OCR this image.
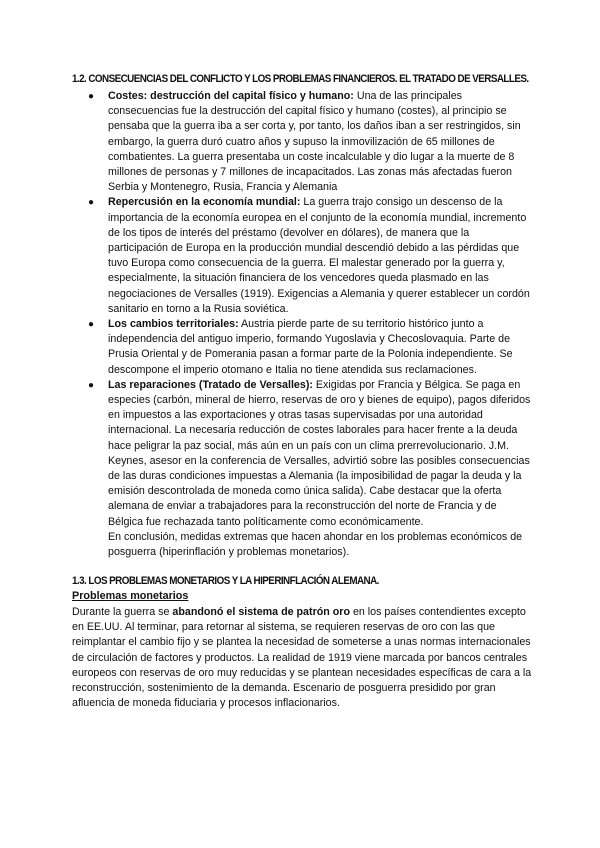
1.2. CONSECUENCIAS DEL CONFLICTO Y LOS PROBLEMAS FINANCIEROS. EL TRATADO DE VERSALLES.
● Costes: destrucción del capital físico y humano: Una de las principales consecuencias fue la destrucción del capital físico y humano (costes), al principio se pensaba que la guerra iba a ser corta y, por tanto, los daños iban a ser restringidos, sin embargo, la guerra duró cuatro años y supuso la inmovilización de 65 millones de combatientes. La guerra presentaba un coste incalculable y dio lugar a la muerte de 8 millones de personas y 7 millones de incapacitados. Las zonas más afectadas fueron Serbia y Montenegro, Rusia, Francia y Alemania

● Repercusión en la economía mundial: La guerra trajo consigo un descenso de la importancia de la economía europea en el conjunto de la economía mundial, incremento de los tipos de interés del préstamo (devolver en dólares), de manera que la participación de Europa en la producción mundial descendió debido a las pérdidas que tuvo Europa como consecuencia de la guerra. El malestar generado por la guerra y, especialmente, la situación financiera de los vencedores queda plasmado en las negociaciones de Versalles (1919). Exigencias a Alemania y querer establecer un cordón sanitario en torno a la Rusia soviética.

● Los cambios territoriales: Austria pierde parte de su territorio histórico junto a independencia del antiguo imperio, formando Yugoslavia y Checoslovaquia. Parte de Prusia Oriental y de Pomerania pasan a formar parte de la Polonia independiente. Se descompone el imperio otomano e Italia no tiene atendida sus reclamaciones.

● Las reparaciones (Tratado de Versalles): Exigidas por Francia y Bélgica. Se paga en especies (carbón, mineral de hierro, reservas de oro y bienes de equipo), pagos diferidos en impuestos a las exportaciones y otras tasas supervisadas por una autoridad internacional. La necesaria reducción de costes laborales para hacer frente a la deuda hace peligrar la paz social, más aún en un país con un clima prerrevolucionario. J.M. Keynes, asesor en la conferencia de Versalles, advirtió sobre las posibles consecuencias de las duras condiciones impuestas a Alemania (la imposibilidad de pagar la deuda y la emisión descontrolada de moneda como única salida). Cabe destacar que la oferta alemana de enviar a trabajadores para la reconstrucción del norte de Francia y de Bélgica fue rechazada tanto políticamente como económicamente.

En conclusión, medidas extremas que hacen ahondar en los problemas económicos de posguerra (hiperinflación y problemas monetarios).
1.3. LOS PROBLEMAS MONETARIOS Y LA HIPERINFLACIÓN ALEMANA.
Problemas monetarios
Durante la guerra se abandonó el sistema de patrón oro en los países contendientes excepto en EE.UU. Al terminar, para retornar al sistema, se requieren reservas de oro con las que reimplantar el cambio fijo y se plantea la necesidad de someterse a unas normas internacionales de circulación de factores y productos. La realidad de 1919 viene marcada por bancos centrales europeos con reservas de oro muy reducidas y se plantean necesidades específicas de cara a la reconstrucción, sostenimiento de la demanda. Escenario de posguerra presidido por gran afluencia de moneda fiduciaria y procesos inflacionarios.
